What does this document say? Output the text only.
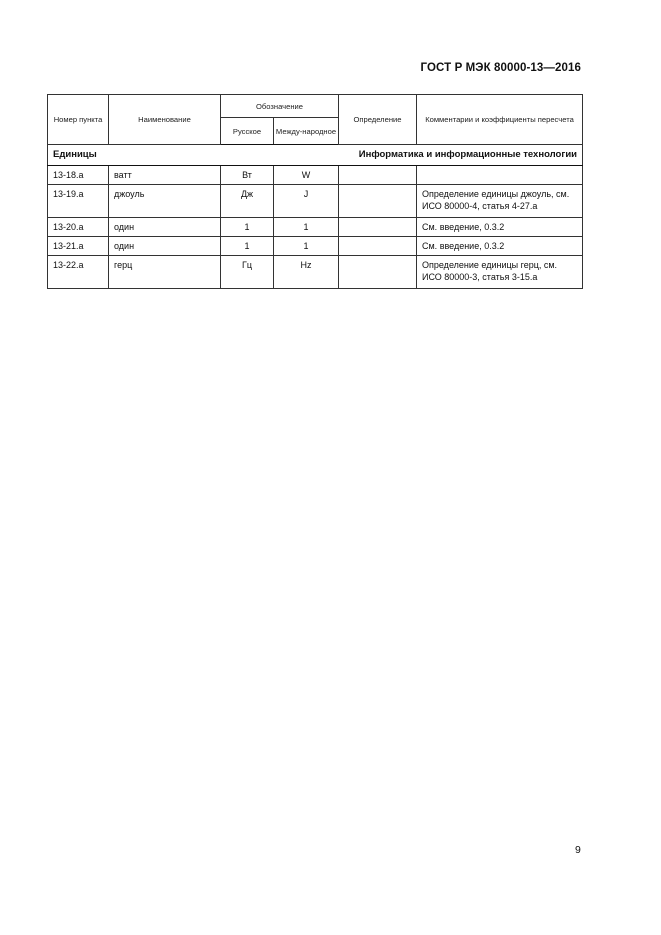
ГОСТ Р МЭК 80000-13—2016
Единицы Информатика и информационные технологии					

Номер пункта	Наименование	Обозначение		Определение	Комментарии и коэффициенты пересчета
		Русское	Между-народное		
13-18.a	ватт	Вт	W		
13-19.a	джоуль	Дж	J		Определение единицы джоуль, см. ИСО 80000-4, статья 4-27.a
13-20.a	один	1	1		См. введение, 0.3.2
13-21.a	один	1	1		См. введение, 0.3.2
13-22.a	герц	Гц	Hz		Определение единицы герц, см. ИСО 80000-3, статья 3-15.a
9
